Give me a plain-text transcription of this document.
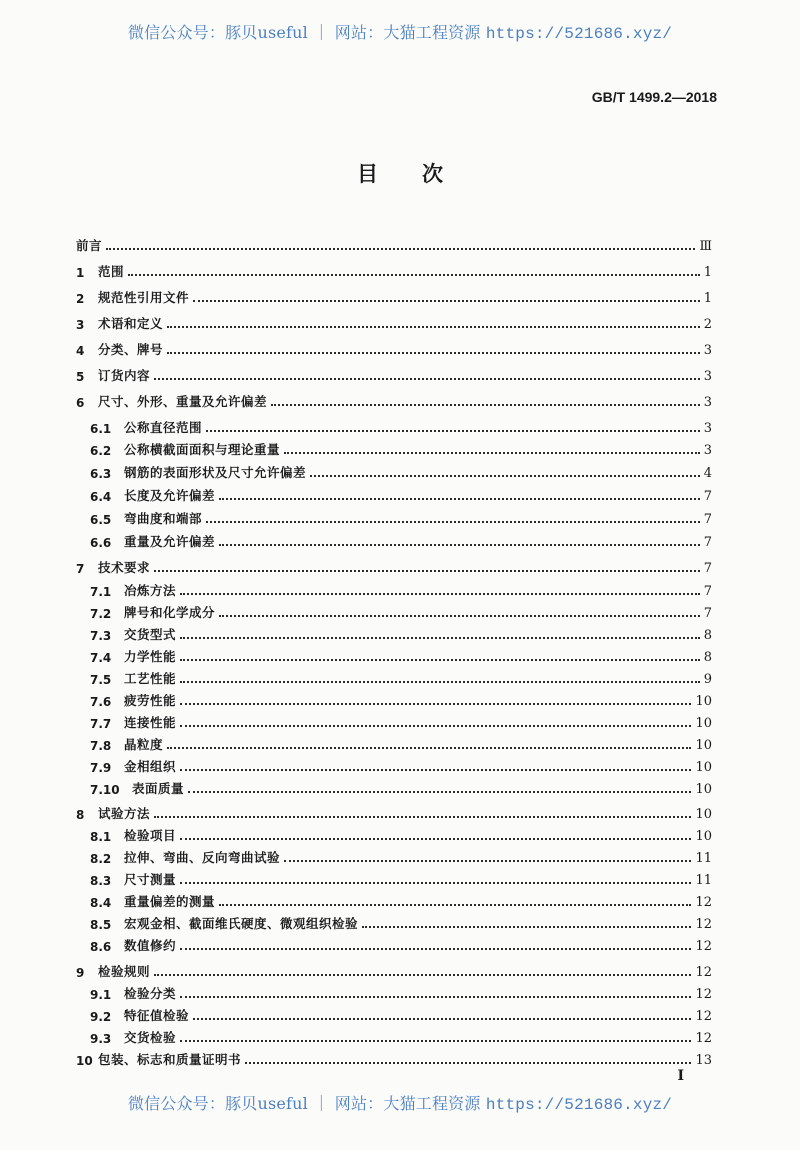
微信公众号：豚贝useful ｜ 网站：大猫工程资源 https://521686.xyz/
GB/T 1499.2—2018
目 次
前言	Ⅲ
1	范围	1
2	规范性引用文件	1
3	术语和定义	2
4	分类、牌号	3
5	订货内容	3
6	尺寸、外形、重量及允许偏差	3
6.1	公称直径范围	3
6.2	公称横截面面积与理论重量	3
6.3	钢筋的表面形状及尺寸允许偏差	4
6.4	长度及允许偏差	7
6.5	弯曲度和端部	7
6.6	重量及允许偏差	7
7	技术要求	7
7.1	冶炼方法	7
7.2	牌号和化学成分	7
7.3	交货型式	8
7.4	力学性能	8
7.5	工艺性能	9
7.6	疲劳性能	10
7.7	连接性能	10
7.8	晶粒度	10
7.9	金相组织	10
7.10 表面质量	10
8	试验方法	10
8.1	检验项目	10
8.2	拉伸、弯曲、反向弯曲试验	11
8.3	尺寸测量	11
8.4	重量偏差的测量	12
8.5	宏观金相、截面维氏硬度、微观组织检验	12
8.6	数值修约	12
9	检验规则	12
9.1	检验分类	12
9.2	特征值检验	12
9.3	交货检验	12
10 包装、标志和质量证明书	13
I
微信公众号：豚贝useful ｜ 网站：大猫工程资源 https://521686.xyz/
